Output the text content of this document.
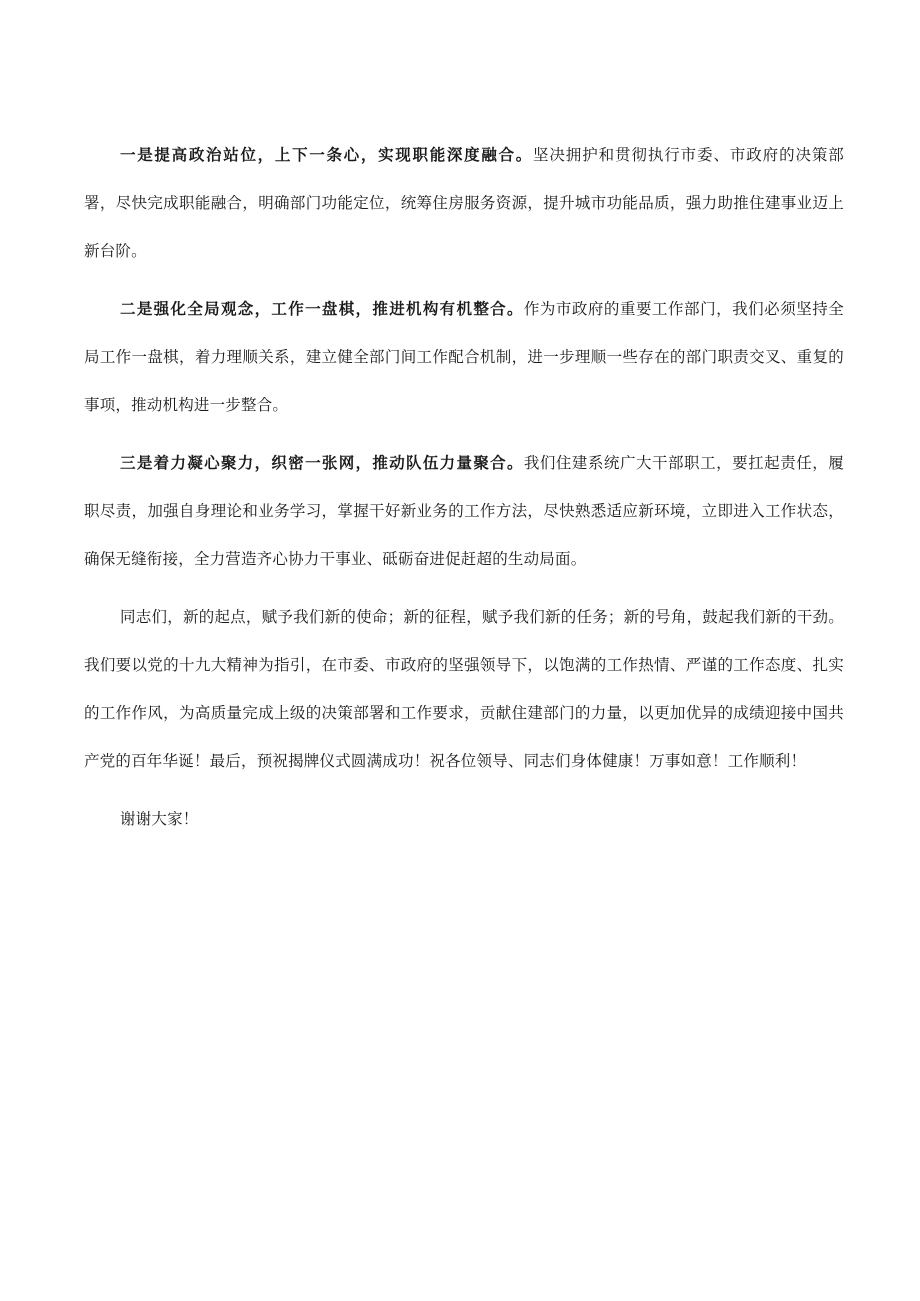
一是提高政治站位，上下一条心，实现职能深度融合。坚决拥护和贯彻执行市委、市政府的决策部署，尽快完成职能融合，明确部门功能定位，统筹住房服务资源，提升城市功能品质，强力助推住建事业迈上新台阶。

二是强化全局观念，工作一盘棋，推进机构有机整合。作为市政府的重要工作部门，我们必须坚持全局工作一盘棋，着力理顺关系，建立健全部门间工作配合机制，进一步理顺一些存在的部门职责交叉、重复的事项，推动机构进一步整合。

三是着力凝心聚力，织密一张网，推动队伍力量聚合。我们住建系统广大干部职工，要扛起责任，履职尽责，加强自身理论和业务学习，掌握干好新业务的工作方法，尽快熟悉适应新环境，立即进入工作状态，确保无缝衔接，全力营造齐心协力干事业、砥砺奋进促赶超的生动局面。

同志们，新的起点，赋予我们新的使命；新的征程，赋予我们新的任务；新的号角，鼓起我们新的干劲。我们要以党的十九大精神为指引，在市委、市政府的坚强领导下，以饱满的工作热情、严谨的工作态度、扎实的工作作风，为高质量完成上级的决策部署和工作要求，贡献住建部门的力量，以更加优异的成绩迎接中国共产党的百年华诞！最后，预祝揭牌仪式圆满成功！祝各位领导、同志们身体健康！万事如意！工作顺利！

谢谢大家！
